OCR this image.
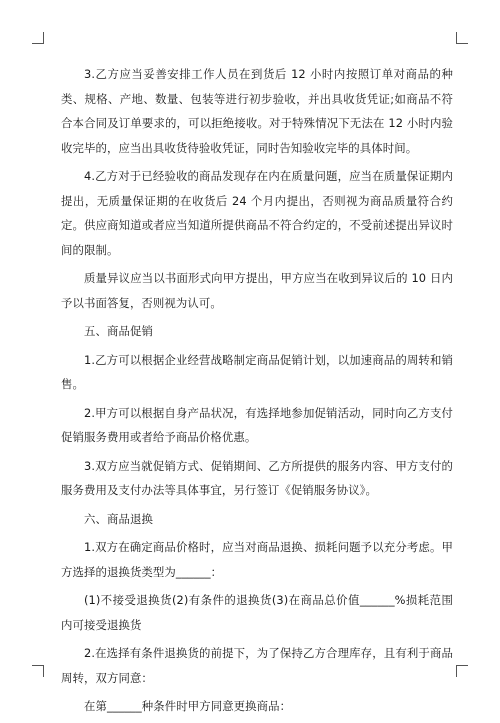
3.乙方应当妥善安排工作人员在到货后 12 小时内按照订单对商品的种类、规格、产地、数量、包装等进行初步验收，并出具收货凭证;如商品不符合本合同及订单要求的，可以拒绝接收。对于特殊情况下无法在 12 小时内验收完毕的，应当出具收货待验收凭证，同时告知验收完毕的具体时间。

4.乙方对于已经验收的商品发现存在内在质量问题，应当在质量保证期内提出，无质量保证期的在收货后 24 个月内提出，否则视为商品质量符合约定。供应商知道或者应当知道所提供商品不符合约定的，不受前述提出异议时间的限制。

质量异议应当以书面形式向甲方提出，甲方应当在收到异议后的 10 日内予以书面答复，否则视为认可。

五、商品促销

1.乙方可以根据企业经营战略制定商品促销计划，以加速商品的周转和销售。

2.甲方可以根据自身产品状况，有选择地参加促销活动，同时向乙方支付促销服务费用或者给予商品价格优惠。

3.双方应当就促销方式、促销期间、乙方所提供的服务内容、甲方支付的服务费用及支付办法等具体事宜，另行签订《促销服务协议》。

六、商品退换

1.双方在确定商品价格时，应当对商品退换、损耗问题予以充分考虑。甲方选择的退换货类型为______：

(1)不接受退换货(2)有条件的退换货(3)在商品总价值______%损耗范围内可接受退换货

2.在选择有条件退换货的前提下，为了保持乙方合理库存，且有利于商品周转，双方同意：

在第______种条件时甲方同意更换商品：
